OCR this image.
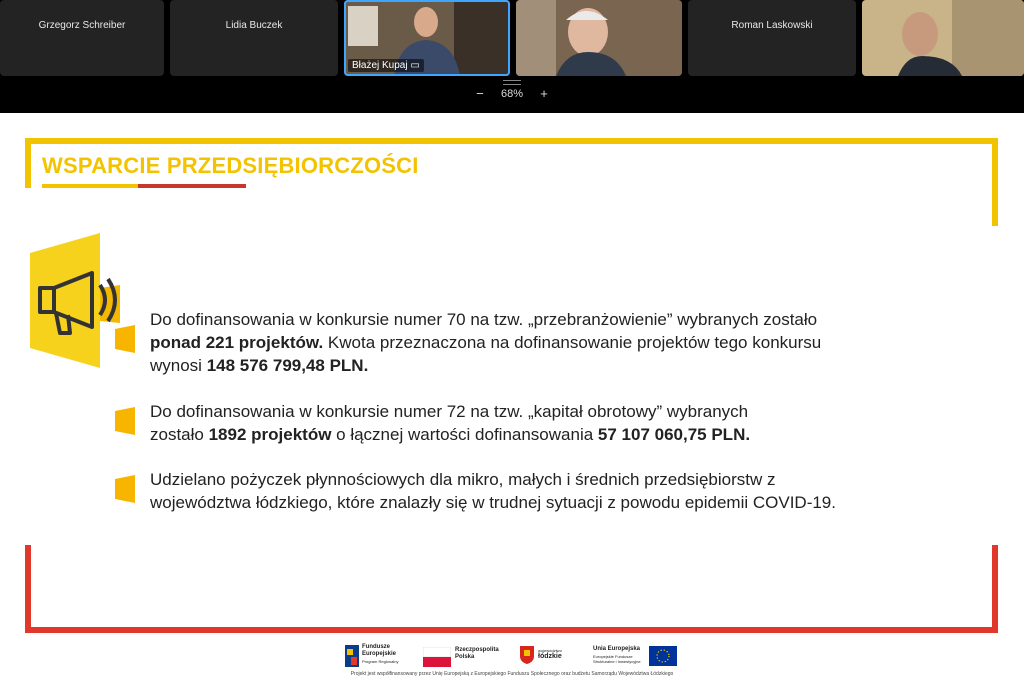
Grzegorz Schreiber	Lidia Buczek
Błażej Kupaj ▭
Roman Laskowski
− 68% +
WSPARCIE PRZEDSIĘBIORCZOŚCI
Do dofinansowania w konkursie numer 70 na tzw. „przebranżowienie” wybranych zostało
ponad 221 projektów. Kwota przeznaczona na dofinansowanie projektów tego konkursu
wynosi 148 576 799,48 PLN.
Do dofinansowania w konkursie numer 72 na tzw. „kapitał obrotowy” wybranych
zostało 1892 projektów o łącznej wartości dofinansowania 57 107 060,75 PLN.
Udzielano pożyczek płynnościowych dla mikro, małych i średnich przedsiębiorstw z
województwa łódzkiego, które znalazły się w trudnej sytuacji z powodu epidemii COVID-19.
Fundusze
Europejskie
Program Regionalny
Rzeczpospolita
Polska
województwo
łódzkie
Unia Europejska
Europejskie Fundusze
Strukturalne i Inwestycyjne
Projekt jest współfinansowany przez Unię Europejską z Europejskiego Funduszu Społecznego oraz budżetu Samorządu Województwa Łódzkiego
